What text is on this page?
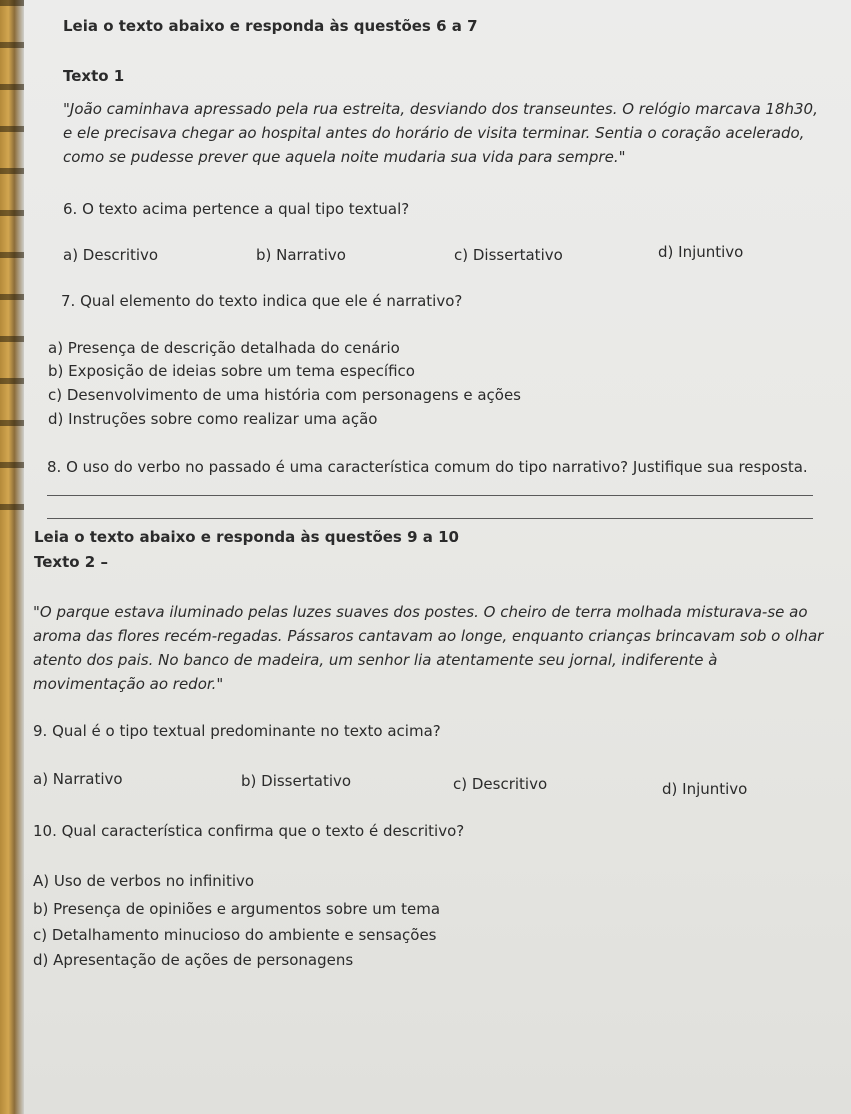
Leia o texto abaixo e responda às questões 6 a 7
Texto 1
"João caminhava apressado pela rua estreita, desviando dos transeuntes. O relógio marcava 18h30, e ele precisava chegar ao hospital antes do horário de visita terminar. Sentia o coração acelerado, como se pudesse prever que aquela noite mudaria sua vida para sempre."
6. O texto acima pertence a qual tipo textual?
a) Descritivo	b) Narrativo	c) Dissertativo	d) Injuntivo
7. Qual elemento do texto indica que ele é narrativo?
a) Presença de descrição detalhada do cenário
b) Exposição de ideias sobre um tema específico
c) Desenvolvimento de uma história com personagens e ações
d) Instruções sobre como realizar uma ação
8. O uso do verbo no passado é uma característica comum do tipo narrativo? Justifique sua resposta.
Leia o texto abaixo e responda às questões 9 a 10
Texto 2 –
"O parque estava iluminado pelas luzes suaves dos postes. O cheiro de terra molhada misturava-se ao aroma das flores recém-regadas. Pássaros cantavam ao longe, enquanto crianças brincavam sob o olhar atento dos pais. No banco de madeira, um senhor lia atentamente seu jornal, indiferente à movimentação ao redor."
9. Qual é o tipo textual predominante no texto acima?
a) Narrativo	b) Dissertativo	c) Descritivo	d) Injuntivo
10. Qual característica confirma que o texto é descritivo?
A) Uso de verbos no infinitivo
b) Presença de opiniões e argumentos sobre um tema
c) Detalhamento minucioso do ambiente e sensações
d) Apresentação de ações de personagens
